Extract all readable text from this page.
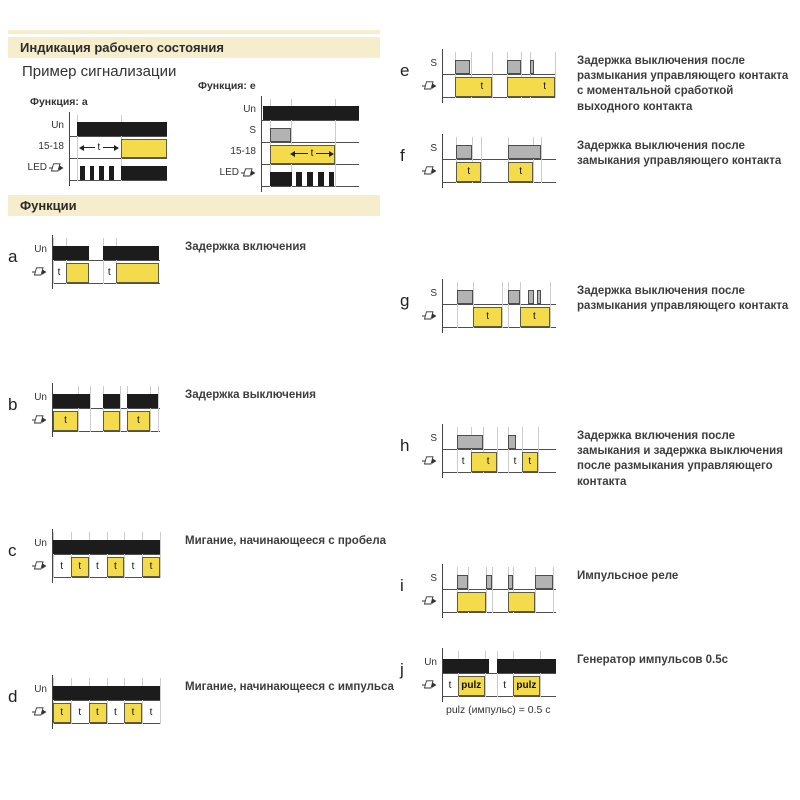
Индикация рабочего состояния
Пример сигнализации
Функция: a
Un
15-18
LED
t
Функция: e
Un
S
15-18
LED
t
Функции
a	Un
t	t
Задержка включения
b	Un
t	t
Задержка выключения
c	Un
t t t t t t
Мигание, начинающееся с пробела
d	Un
t t t t t t
Мигание, начинающееся с импульса
e	S
t	t
Задержка выключения после размыкания управляющего контакта с моментальной сработкой выходного контакта
f	S
t	t
Задержка выключения после замыкания управляющего контакта
g	S
t	t
Задержка выключения после размыкания управляющего контакта
h	S
t t t t
Задержка включения после замыкания и задержка выключения после размыкания управляющего контакта
i	S	Импульсное реле
j	Un
t pulz t pulz
Генератор импульсов 0.5с
pulz (импульс) = 0.5 с
